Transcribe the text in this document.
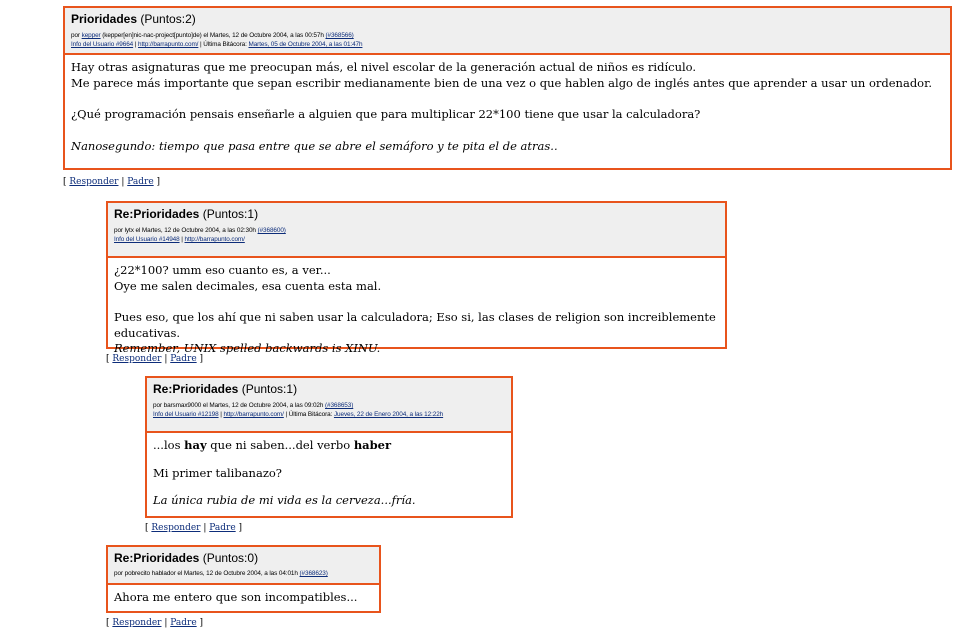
Prioridades (Puntos:2)
por kepper (kepper[en]nic-nac-project[punto]de) el Martes, 12 de Octubre 2004, a las 00:57h (#368566)
Info del Usuario #9664 | http://barrapunto.com/ | Última Bitácora: Martes, 05 de Octubre 2004, a las 01:47h

Hay otras asignaturas que me preocupan más, el nivel escolar de la generación actual de niños es ridículo.

Me parece más importante que sepan escribir medianamente bien de una vez o que hablen algo de inglés antes que aprender a usar un ordenador.

¿Qué programación pensais enseñarle a alguien que para multiplicar 22*100 tiene que usar la calculadora?

Nanosegundo: tiempo que pasa entre que se abre el semáforo y te pita el de atras..

[ Responder | Padre ]
Re:Prioridades (Puntos:1)
por lytx el Martes, 12 de Octubre 2004, a las 02:30h (#368600)
Info del Usuario #14948 | http://barrapunto.com/

¿22*100? umm eso cuanto es, a ver...

Oye me salen decimales, esa cuenta esta mal.

Pues eso, que los ahí que ni saben usar la calculadora; Eso si, las clases de religion son increiblemente educativas.

Remember, UNIX spelled backwards is XINU.

[ Responder | Padre ]
Re:Prioridades (Puntos:1)
por barsmax9000 el Martes, 12 de Octubre 2004, a las 09:02h (#368653)
Info del Usuario #12198 | http://barrapunto.com/ | Última Bitácora: Jueves, 22 de Enero 2004, a las 12:22h

...los hay que ni saben...del verbo haber

Mi primer talibanazo?

La única rubia de mi vida es la cerveza...fría.

[ Responder | Padre ]
Re:Prioridades (Puntos:0)
por pobrecito hablador el Martes, 12 de Octubre 2004, a las 04:01h (#368623)

Ahora me entero que son incompatibles...

[ Responder | Padre ]
